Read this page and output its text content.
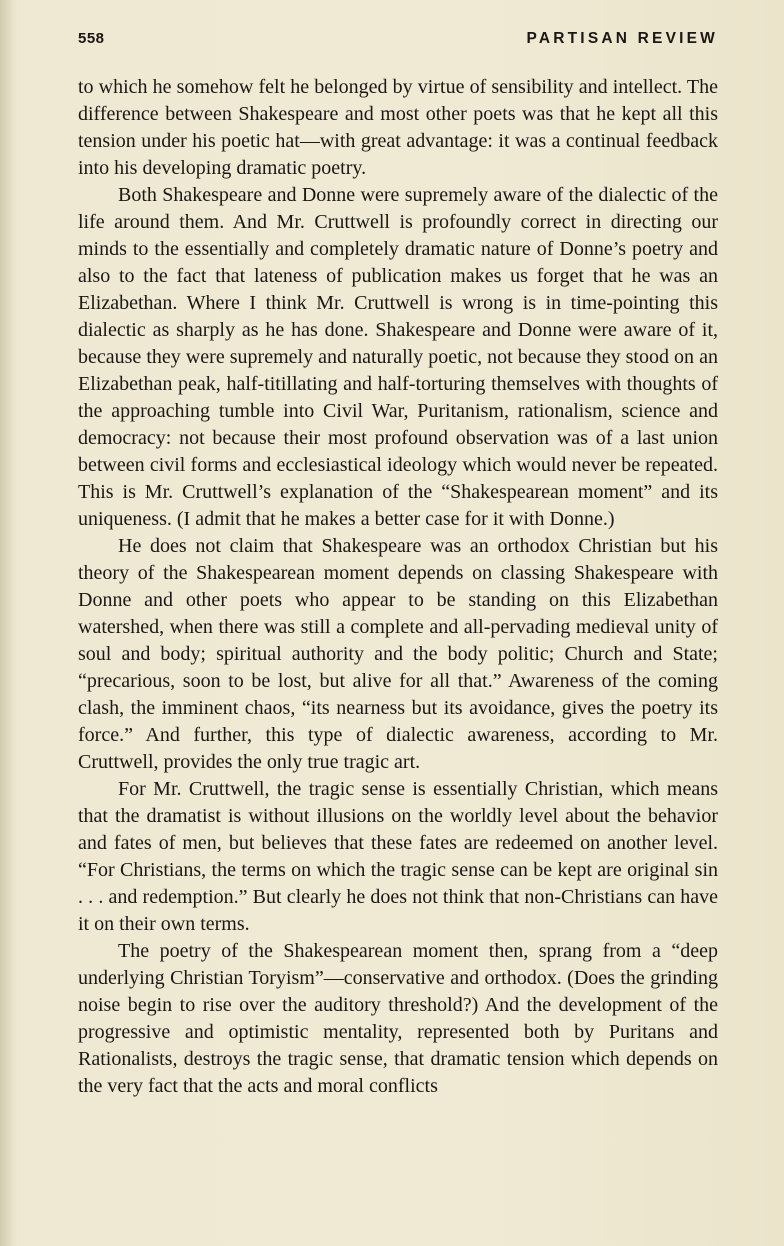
558	PARTISAN REVIEW

to which he somehow felt he belonged by virtue of sensibility and intellect. The difference between Shakespeare and most other poets was that he kept all this tension under his poetic hat—with great advantage: it was a continual feedback into his developing dramatic poetry.

Both Shakespeare and Donne were supremely aware of the dialectic of the life around them. And Mr. Cruttwell is profoundly correct in directing our minds to the essentially and completely dramatic nature of Donne’s poetry and also to the fact that lateness of publication makes us forget that he was an Elizabethan. Where I think Mr. Cruttwell is wrong is in time-pointing this dialectic as sharply as he has done. Shakespeare and Donne were aware of it, because they were supremely and naturally poetic, not because they stood on an Elizabethan peak, half-titillating and half-torturing themselves with thoughts of the approaching tumble into Civil War, Puritanism, rationalism, science and democracy: not because their most profound observation was of a last union between civil forms and ecclesiastical ideology which would never be repeated. This is Mr. Cruttwell’s explanation of the “Shakespearean moment” and its uniqueness. (I admit that he makes a better case for it with Donne.)

He does not claim that Shakespeare was an orthodox Christian but his theory of the Shakespearean moment depends on classing Shakespeare with Donne and other poets who appear to be standing on this Elizabethan watershed, when there was still a complete and all-pervading medieval unity of soul and body; spiritual authority and the body politic; Church and State; “precarious, soon to be lost, but alive for all that.” Awareness of the coming clash, the imminent chaos, “its nearness but its avoidance, gives the poetry its force.” And further, this type of dialectic awareness, according to Mr. Cruttwell, provides the only true tragic art.

For Mr. Cruttwell, the tragic sense is essentially Christian, which means that the dramatist is without illusions on the worldly level about the behavior and fates of men, but believes that these fates are redeemed on another level. “For Christians, the terms on which the tragic sense can be kept are original sin . . . and redemption.” But clearly he does not think that non-Christians can have it on their own terms.

The poetry of the Shakespearean moment then, sprang from a “deep underlying Christian Toryism”—conservative and orthodox. (Does the grinding noise begin to rise over the auditory threshold?) And the development of the progressive and optimistic mentality, represented both by Puritans and Rationalists, destroys the tragic sense, that dramatic tension which depends on the very fact that the acts and moral conflicts
